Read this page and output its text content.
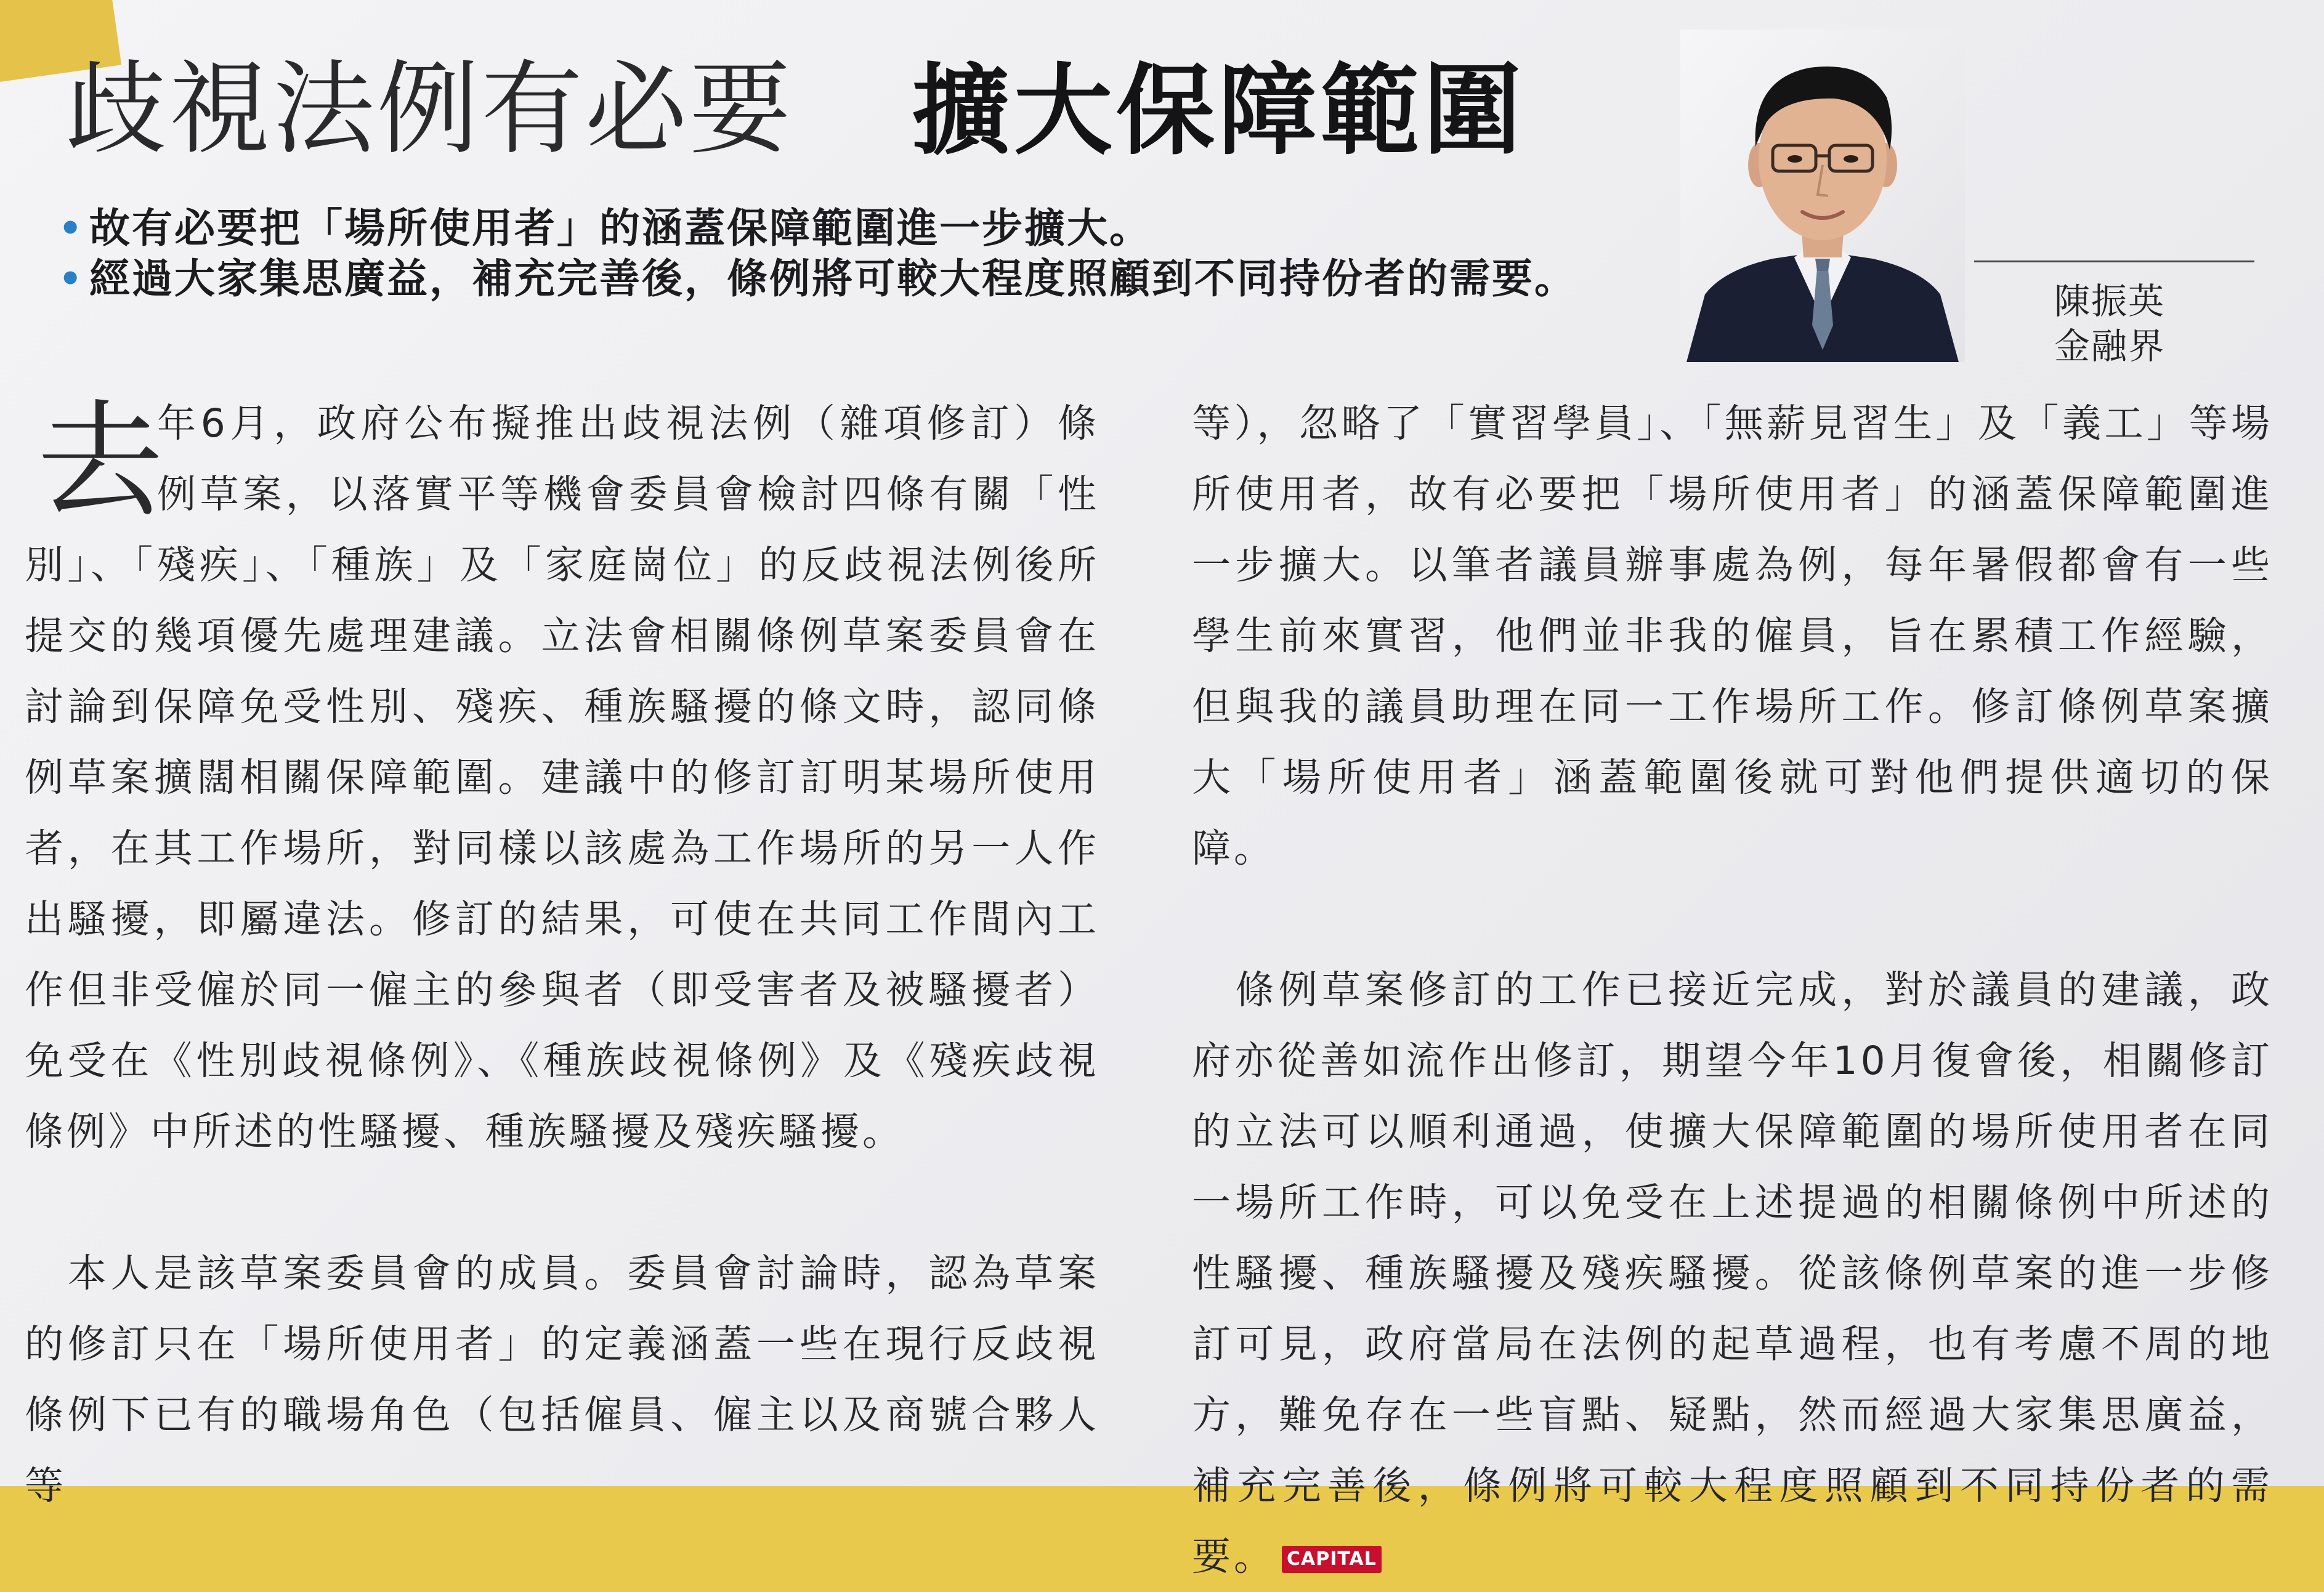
歧視法例有必要 擴大保障範圍
• 故有必要把「場所使用者」的涵蓋保障範圍進一步擴大。
• 經過大家集思廣益，補充完善後，條例將可較大程度照顧到不同持份者的需要。	陳振英
金融界
去

年6月，政府公布擬推出歧視法例（雜項修訂）條例草案，以落實平等機會委員會檢討四條有關「性別」、「殘疾」、「種族」及「家庭崗位」的反歧視法例後所提交的幾項優先處理建議。立法會相關條例草案委員會在討論到保障免受性別、殘疾、種族騷擾的條文時，認同條例草案擴闊相關保障範圍。建議中的修訂訂明某場所使用者，在其工作場所，對同樣以該處為工作場所的另一人作出騷擾，即屬違法。修訂的結果，可使在共同工作間內工作但非受僱於同一僱主的參與者（即受害者及被騷擾者）免受在《性別歧視條例》、《種族歧視條例》及《殘疾歧視條例》中所述的性騷擾、種族騷擾及殘疾騷擾。

　本人是該草案委員會的成員。委員會討論時，認為草案的修訂只在「場所使用者」的定義涵蓋一些在現行反歧視條例下已有的職場角色（包括僱員、僱主以及商號合夥人等

等），忽略了「實習學員」、「無薪見習生」及「義工」等場所使用者，故有必要把「場所使用者」的涵蓋保障範圍進一步擴大。以筆者議員辦事處為例，每年暑假都會有一些學生前來實習，他們並非我的僱員，旨在累積工作經驗，但與我的議員助理在同一工作場所工作。修訂條例草案擴大「場所使用者」涵蓋範圍後就可對他們提供適切的保障。

　條例草案修訂的工作已接近完成，對於議員的建議，政府亦從善如流作出修訂，期望今年10月復會後，相關修訂的立法可以順利通過，使擴大保障範圍的場所使用者在同一場所工作時，可以免受在上述提過的相關條例中所述的性騷擾、種族騷擾及殘疾騷擾。從該條例草案的進一步修訂可見，政府當局在法例的起草過程，也有考慮不周的地方，難免存在一些盲點、疑點，然而經過大家集思廣益，補充完善後，條例將可較大程度照顧到不同持份者的需要。 CAPITAL
